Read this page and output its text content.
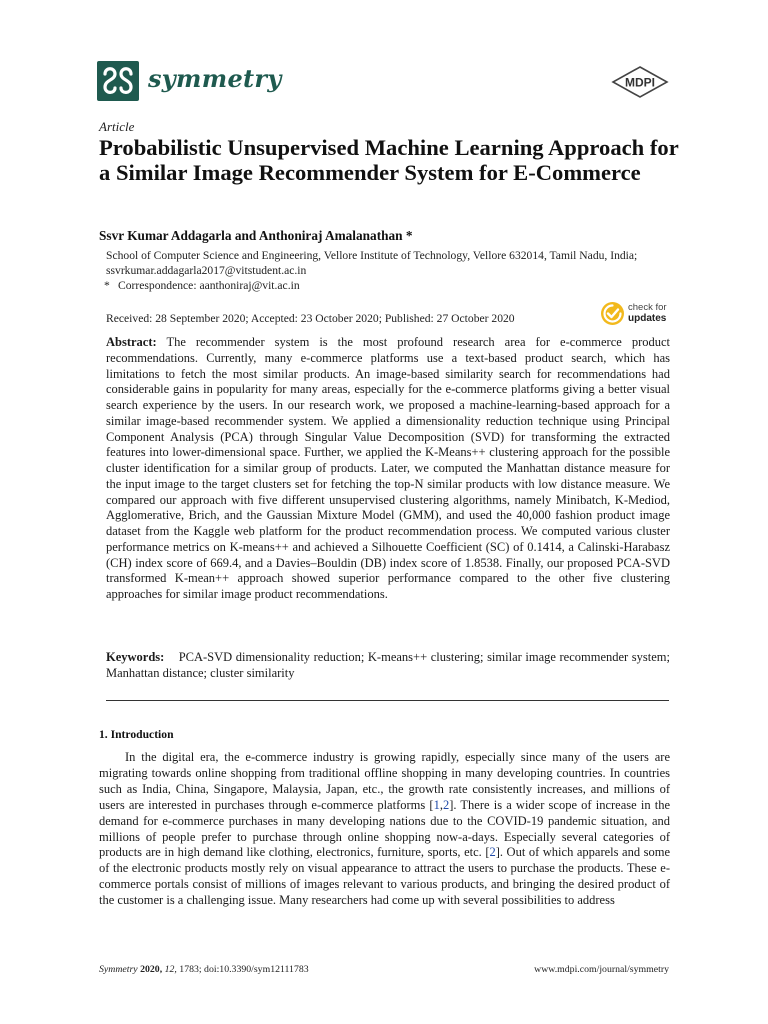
symmetry	MDPI
Article
Probabilistic Unsupervised Machine Learning Approach for a Similar Image Recommender System for E-Commerce
Ssvr Kumar Addagarla and Anthoniraj Amalanathan *
School of Computer Science and Engineering, Vellore Institute of Technology, Vellore 632014, Tamil Nadu, India; ssvrkumar.addagarla2017@vitstudent.ac.in
* Correspondence: aanthoniraj@vit.ac.in
Received: 28 September 2020; Accepted: 23 October 2020; Published: 27 October 2020
check for
updates
Abstract: The recommender system is the most profound research area for e-commerce product recommendations. Currently, many e-commerce platforms use a text-based product search, which has limitations to fetch the most similar products. An image-based similarity search for recommendations had considerable gains in popularity for many areas, especially for the e-commerce platforms giving a better visual search experience by the users. In our research work, we proposed a machine-learning-based approach for a similar image-based recommender system. We applied a dimensionality reduction technique using Principal Component Analysis (PCA) through Singular Value Decomposition (SVD) for transforming the extracted features into lower-dimensional space. Further, we applied the K-Means++ clustering approach for the possible cluster identification for a similar group of products. Later, we computed the Manhattan distance measure for the input image to the target clusters set for fetching the top-N similar products with low distance measure. We compared our approach with five different unsupervised clustering algorithms, namely Minibatch, K-Mediod, Agglomerative, Brich, and the Gaussian Mixture Model (GMM), and used the 40,000 fashion product image dataset from the Kaggle web platform for the product recommendation process. We computed various cluster performance metrics on K-means++ and achieved a Silhouette Coefficient (SC) of 0.1414, a Calinski-Harabasz (CH) index score of 669.4, and a Davies–Bouldin (DB) index score of 1.8538. Finally, our proposed PCA-SVD transformed K-mean++ approach showed superior performance compared to the other five clustering approaches for similar image product recommendations.
Keywords: PCA-SVD dimensionality reduction; K-means++ clustering; similar image recommender system; Manhattan distance; cluster similarity
1. Introduction
In the digital era, the e-commerce industry is growing rapidly, especially since many of the users are migrating towards online shopping from traditional offline shopping in many developing countries. In countries such as India, China, Singapore, Malaysia, Japan, etc., the growth rate consistently increases, and millions of users are interested in purchases through e-commerce platforms [1,2]. There is a wider scope of increase in the demand for e-commerce purchases in many developing nations due to the COVID-19 pandemic situation, and millions of people prefer to purchase through online shopping now-a-days. Especially several categories of products are in high demand like clothing, electronics, furniture, sports, etc. [2]. Out of which apparels and some of the electronic products mostly rely on visual appearance to attract the users to purchase the products. These e-commerce portals consist of millions of images relevant to various products, and bringing the desired product of the customer is a challenging issue. Many researchers had come up with several possibilities to address
Symmetry 2020, 12, 1783; doi:10.3390/sym12111783	www.mdpi.com/journal/symmetry
